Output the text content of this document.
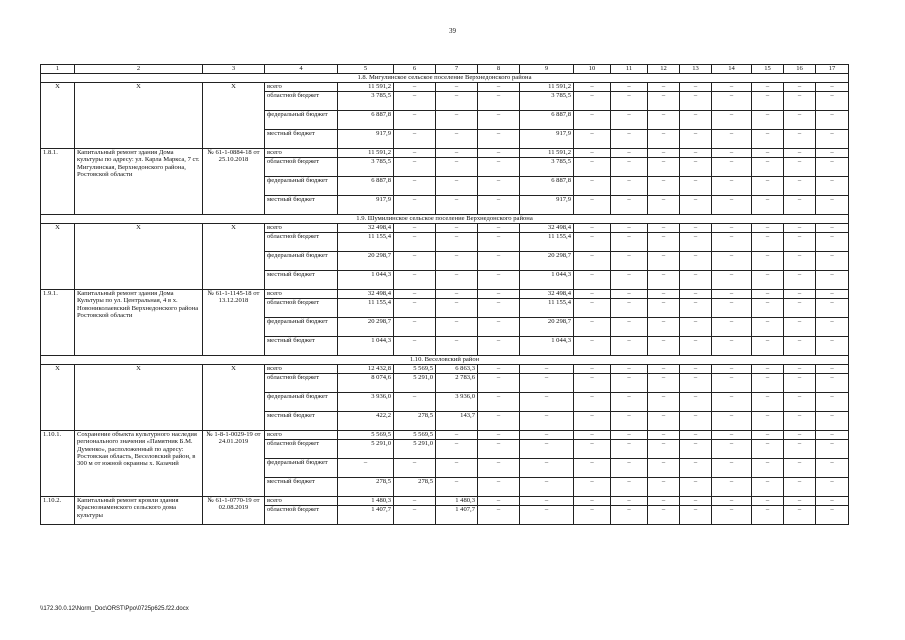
39
1	2	3	4	5	6	7	8	9	10	11	12	13	14	15	16	17
1.8. Мигулинское сельское поселение Верхнедонского района																
Х	Х	Х	всего	11 591,2	–	–	–	11 591,2	–	–	–	–	–	–	–	–
			областной бюджет	3 785,5	–	–	–	3 785,5	–	–	–	–	–	–	–	–
			федеральный бюджет	6 887,8	–	–	–	6 887,8	–	–	–	–	–	–	–	–
			местный бюджет	917,9	–	–	–	917,9	–	–	–	–	–	–	–	–
1.8.1.	Капитальный ремонт здания Дома культуры по адресу: ул. Карла Маркса, 7 ст. Мигулинская, Верхнедонского района, Ростовской области	№ 61-1-0884-18 от 25.10.2018	всего	11 591,2	–	–	–	11 591,2	–	–	–	–	–	–	–	–
			областной бюджет	3 785,5	–	–	–	3 785,5	–	–	–	–	–	–	–	–
			федеральный бюджет	6 887,8	–	–	–	6 887,8	–	–	–	–	–	–	–	–
			местный бюджет	917,9	–	–	–	917,9	–	–	–	–	–	–	–	–
1.9. Шумилинское сельское поселение Верхнедонского района																
Х	Х	Х	всего	32 498,4	–	–	–	32 498,4	–	–	–	–	–	–	–	–
			областной бюджет	11 155,4	–	–	–	11 155,4	–	–	–	–	–	–	–	–
			федеральный бюджет	20 298,7	–	–	–	20 298,7	–	–	–	–	–	–	–	–
			местный бюджет	1 044,3	–	–	–	1 044,3	–	–	–	–	–	–	–	–
1.9.1.	Капитальный ремонт здания Дома Культуры по ул. Центральная, 4 в х. Новониколаевский Верхнедонского района Ростовской области	№ 61-1-1145-18 от 13.12.2018	всего	32 498,4	–	–	–	32 498,4	–	–	–	–	–	–	–	–
			областной бюджет	11 155,4	–	–	–	11 155,4	–	–	–	–	–	–	–	–
			федеральный бюджет	20 298,7	–	–	–	20 298,7	–	–	–	–	–	–	–	–
			местный бюджет	1 044,3	–	–	–	1 044,3	–	–	–	–	–	–	–	–
1.10. Веселовский район																
Х	Х	Х	всего	12 432,8	5 569,5	6 863,3	–	–	–	–	–	–	–	–	–	–
			областной бюджет	8 074,6	5 291,0	2 783,6	–	–	–	–	–	–	–	–	–	–
			федеральный бюджет	3 936,0	–	3 936,0	–	–	–	–	–	–	–	–	–	–
			местный бюджет	422,2	278,5	143,7	–	–	–	–	–	–	–	–	–	–
1.10.1.	Сохранение объекта культурного наследия регионального значения «Памятник Б.М. Думенко», расположенный по адресу: Ростовская область, Веселовский район, в 300 м от южной окраины х. Казачий	№ 1-8-1-0029-19 от 24.01.2019	всего	5 569,5	5 569,5	–	–	–	–	–	–	–	–	–	–	–
			областной бюджет	5 291,0	5 291,0	–	–	–	–	–	–	–	–	–	–	–
			федеральный бюджет	–	–	–	–	–	–	–	–	–	–	–	–	–
			местный бюджет	278,5	278,5	–	–	–	–	–	–	–	–	–	–	–
1.10.2.	Капитальный ремонт кровли здания Краснознаменского сельского дома культуры	№ 61-1-0770-19 от 02.08.2019	всего	1 480,3	–	1 480,3	–	–	–	–	–	–	–	–	–	–
			областной бюджет	1 407,7	–	1 407,7	–	–	–	–	–	–	–	–	–	–
\\172.30.0.12\Norm_Doc\ORST\Ppo\0725p625.f22.docx
